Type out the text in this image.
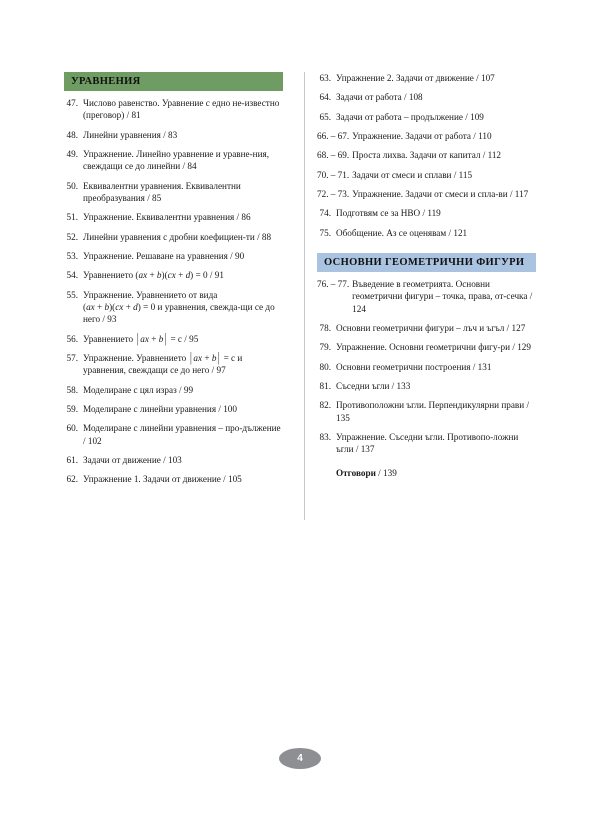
УРАВНЕНИЯ
47. Числово равенство. Уравнение с едно не-известно (преговор) / 81
48. Линейни уравнения / 83
49. Упражнение. Линейно уравнение и уравне-ния, свеждащи се до линейни / 84
50. Еквивалентни уравнения. Еквивалентни преобразувания / 85
51. Упражнение. Еквивалентни уравнения / 86
52. Линейни уравнения с дробни коефициен-ти / 88
53. Упражнение. Решаване на уравнения / 90
54. Уравнението (ax + b)(cx + d) = 0 / 91
55. Упражнение. Уравнението от вида
(ax + b)(cx + d) = 0 и уравнения, свежда-щи се до него / 93
56. Уравнението | ax + b | = c / 95
57. Упражнение. Уравнението | ax + b | = c и уравнения, свеждащи се до него / 97
58. Моделиране с цял израз / 99
59. Моделиране с линейни уравнения / 100
60. Моделиране с линейни уравнения – про-дължение / 102
61. Задачи от движение / 103
62. Упражнение 1. Задачи от движение / 105
63. Упражнение 2. Задачи от движение / 107
64. Задачи от работа / 108
65. Задачи от работа – продължение / 109
66. – 67. Упражнение. Задачи от работа / 110
68. – 69. Проста лихва. Задачи от капитал / 112
70. – 71. Задачи от смеси и сплави / 115
72. – 73. Упражнение. Задачи от смеси и спла-ви / 117
74. Подготвям се за НВО / 119
75. Обобщение. Аз се оценявам / 121
ОСНОВНИ ГЕОМЕТРИЧНИ ФИГУРИ
76. – 77. Въведение в геометрията. Основни геометрични фигури – точка, права, от-сечка / 124
78. Основни геометрични фигури – лъч и ъгъл / 127
79. Упражнение. Основни геометрични фигу-ри / 129
80. Основни геометрични построения / 131
81. Съседни ъгли / 133
82. Противоположни ъгли. Перпендикулярни прави / 135
83. Упражнение. Съседни ъгли. Противопо-ложни ъгли / 137
Отговори / 139
4
